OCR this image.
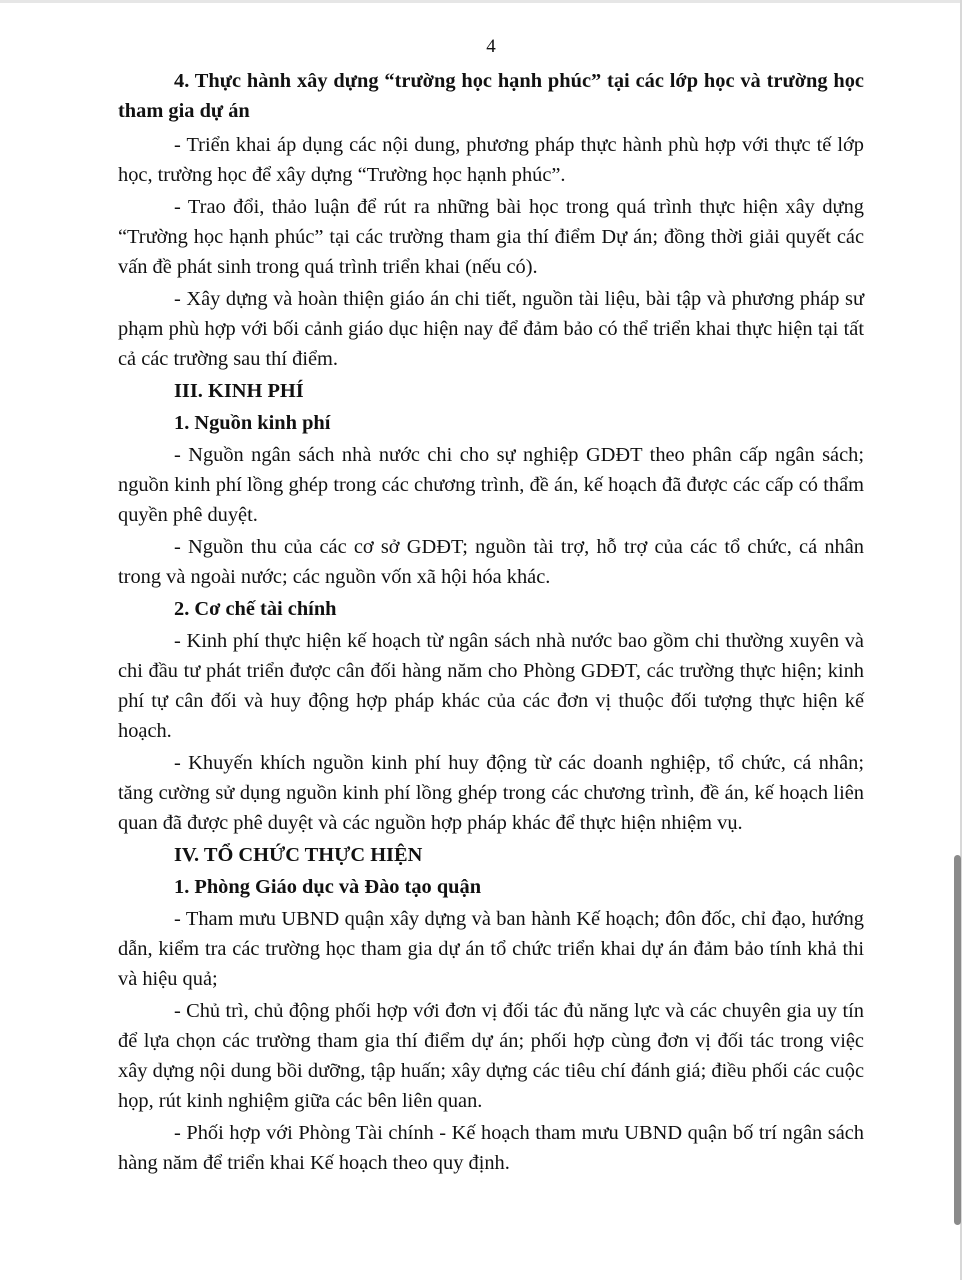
4

4. Thực hành xây dựng “trường học hạnh phúc” tại các lớp học và trường học tham gia dự án

- Triển khai áp dụng các nội dung, phương pháp thực hành phù hợp với thực tế lớp học, trường học để xây dựng “Trường học hạnh phúc”.

- Trao đổi, thảo luận để rút ra những bài học trong quá trình thực hiện xây dựng “Trường học hạnh phúc” tại các trường tham gia thí điểm Dự án; đồng thời giải quyết các vấn đề phát sinh trong quá trình triển khai (nếu có).

- Xây dựng và hoàn thiện giáo án chi tiết, nguồn tài liệu, bài tập và phương pháp sư phạm phù hợp với bối cảnh giáo dục hiện nay để đảm bảo có thể triển khai thực hiện tại tất cả các trường sau thí điểm.

III. KINH PHÍ

1. Nguồn kinh phí

- Nguồn ngân sách nhà nước chi cho sự nghiệp GDĐT theo phân cấp ngân sách; nguồn kinh phí lồng ghép trong các chương trình, đề án, kế hoạch đã được các cấp có thẩm quyền phê duyệt.

- Nguồn thu của các cơ sở GDĐT; nguồn tài trợ, hỗ trợ của các tổ chức, cá nhân trong và ngoài nước; các nguồn vốn xã hội hóa khác.

2. Cơ chế tài chính

- Kinh phí thực hiện kế hoạch từ ngân sách nhà nước bao gồm chi thường xuyên và chi đầu tư phát triển được cân đối hàng năm cho Phòng GDĐT, các trường thực hiện; kinh phí tự cân đối và huy động hợp pháp khác của các đơn vị thuộc đối tượng thực hiện kế hoạch.

- Khuyến khích nguồn kinh phí huy động từ các doanh nghiệp, tổ chức, cá nhân; tăng cường sử dụng nguồn kinh phí lồng ghép trong các chương trình, đề án, kế hoạch liên quan đã được phê duyệt và các nguồn hợp pháp khác để thực hiện nhiệm vụ.

IV. TỔ CHỨC THỰC HIỆN

1. Phòng Giáo dục và Đào tạo quận

- Tham mưu UBND quận xây dựng và ban hành Kế hoạch; đôn đốc, chỉ đạo, hướng dẫn, kiểm tra các trường học tham gia dự án tổ chức triển khai dự án đảm bảo tính khả thi và hiệu quả;

- Chủ trì, chủ động phối hợp với đơn vị đối tác đủ năng lực và các chuyên gia uy tín để lựa chọn các trường tham gia thí điểm dự án; phối hợp cùng đơn vị đối tác trong việc xây dựng nội dung bồi dưỡng, tập huấn; xây dựng các tiêu chí đánh giá; điều phối các cuộc họp, rút kinh nghiệm giữa các bên liên quan.

- Phối hợp với Phòng Tài chính - Kế hoạch tham mưu UBND quận bố trí ngân sách hàng năm để triển khai Kế hoạch theo quy định.
